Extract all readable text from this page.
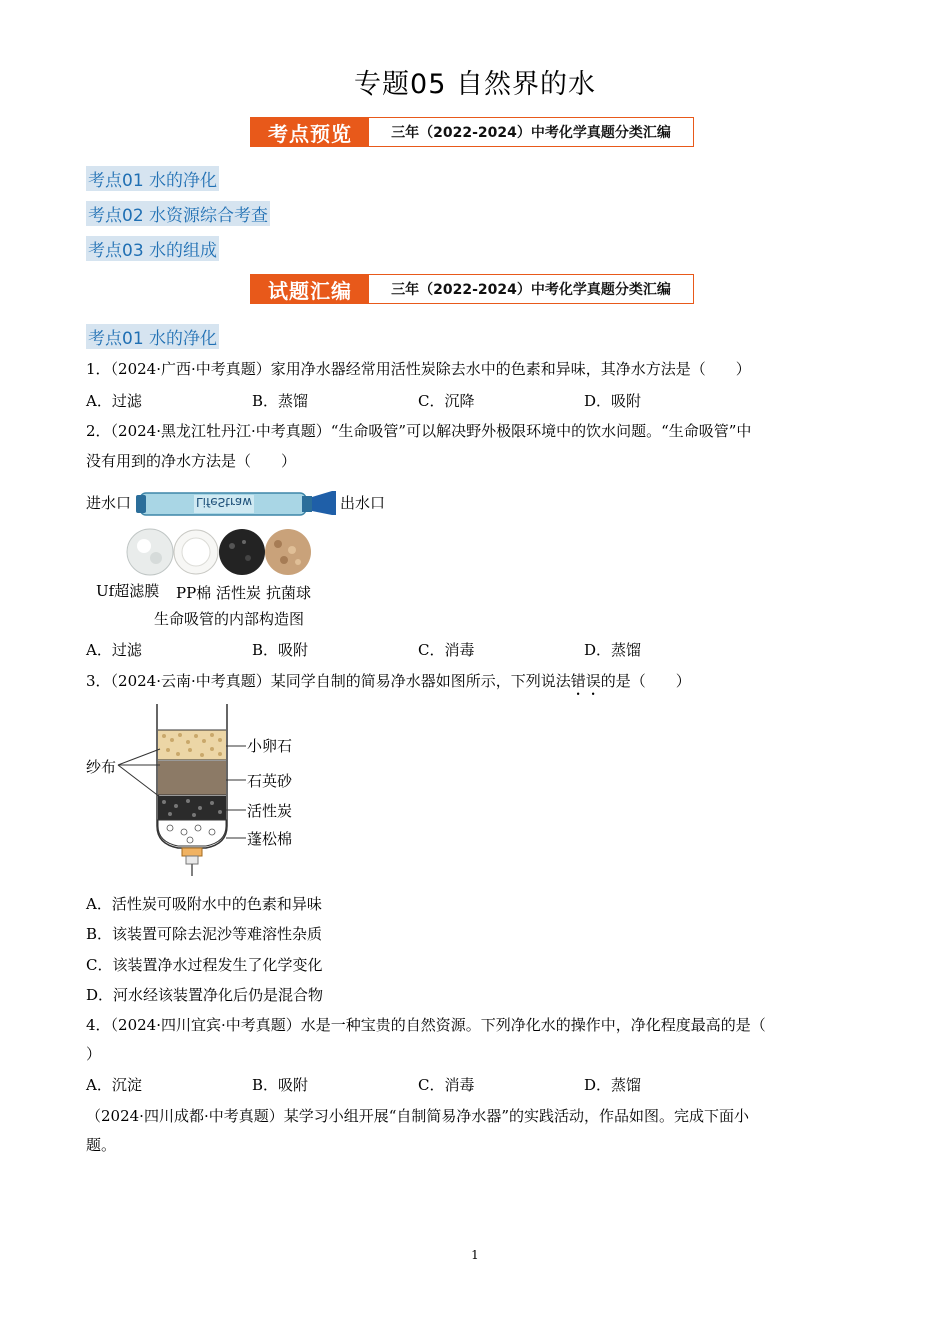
专题05 自然界的水
考点预览	三年（2022-2024）中考化学真题分类汇编
考点01 水的净化
考点02 水资源综合考查
考点03 水的组成
试题汇编	三年（2022-2024）中考化学真题分类汇编
考点01 水的净化
1．（2024·广西·中考真题）家用净水器经常用活性炭除去水中的色素和异味，其净水方法是（　　）
A．过滤	B．蒸馏	C．沉降	D．吸附
2．（2024·黑龙江牡丹江·中考真题）“生命吸管”可以解决野外极限环境中的饮水问题。“生命吸管”中
没有用到的净水方法是（　　）
进水口	出水口
LifeStraw
Uf超滤膜 PP棉 活性炭 抗菌球
生命吸管的内部构造图
A．过滤	B．吸附	C．消毒	D．蒸馏
3．（2024·云南·中考真题）某同学自制的简易净水器如图所示，下列说法错误的是（　　）
纱布
小卵石
石英砂
活性炭
蓬松棉
A．活性炭可吸附水中的色素和异味
B．该装置可除去泥沙等难溶性杂质
C．该装置净水过程发生了化学变化
D．河水经该装置净化后仍是混合物
4．（2024·四川宜宾·中考真题）水是一种宝贵的自然资源。下列净化水的操作中，净化程度最高的是（
）
A．沉淀	B．吸附	C．消毒	D．蒸馏
（2024·四川成都·中考真题）某学习小组开展“自制简易净水器”的实践活动，作品如图。完成下面小
题。
1
